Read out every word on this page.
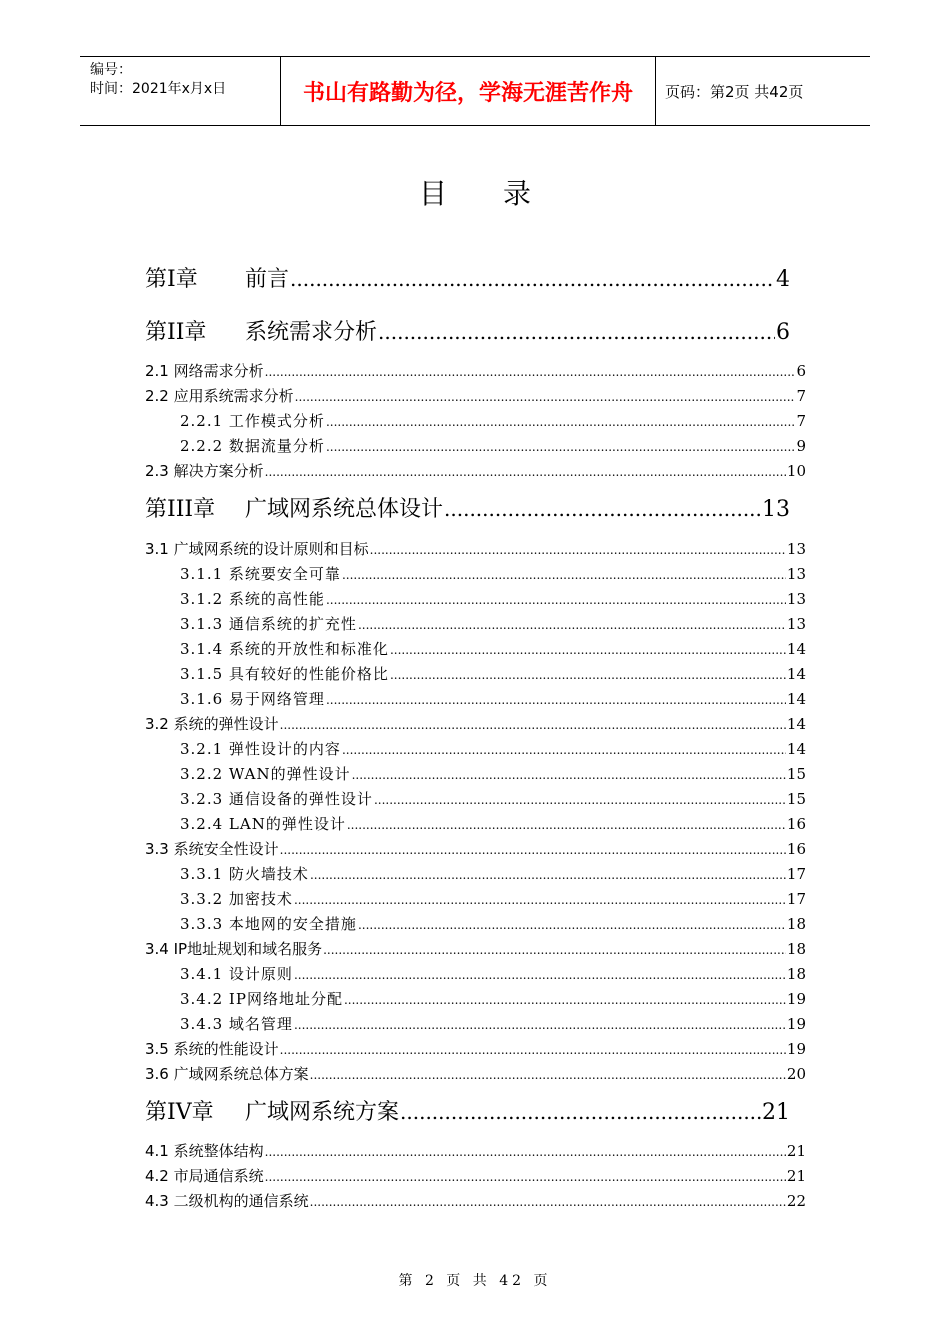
编号：
时间：2021年x月x日	书山有路勤为径，学海无涯苦作舟	页码：第2页 共42页
目录
第I章	前言 .....	4
第II章	系统需求分析 .....	6
2.1 网络需求分析 .....	6
2.2 应用系统需求分析 .....	7
2.2.1 工作模式分析 .....	7
2.2.2 数据流量分析 .....	9
2.3 解决方案分析 .....	10
第III章	广域网系统总体设计 .....	13
3.1 广域网系统的设计原则和目标 .....	13
3.1.1 系统要安全可靠 .....	13
3.1.2 系统的高性能 .....	13
3.1.3 通信系统的扩充性 .....	13
3.1.4 系统的开放性和标准化 .....	14
3.1.5 具有较好的性能价格比 .....	14
3.1.6 易于网络管理 .....	14
3.2 系统的弹性设计 .....	14
3.2.1 弹性设计的内容 .....	14
3.2.2 WAN的弹性设计 .....	15
3.2.3 通信设备的弹性设计 .....	15
3.2.4 LAN的弹性设计 .....	16
3.3 系统安全性设计 .....	16
3.3.1 防火墙技术 .....	17
3.3.2 加密技术 .....	17
3.3.3 本地网的安全措施 .....	18
3.4 IP地址规划和域名服务 .....	18
3.4.1 设计原则 .....	18
3.4.2 IP网络地址分配 .....	19
3.4.3 域名管理 .....	19
3.5 系统的性能设计 .....	19
3.6 广域网系统总体方案 .....	20
第IV章	广域网系统方案 .....	21
4.1 系统整体结构 .....	21
4.2 市局通信系统 .....	21
4.3 二级机构的通信系统 .....	22
第 2 页 共 42 页
